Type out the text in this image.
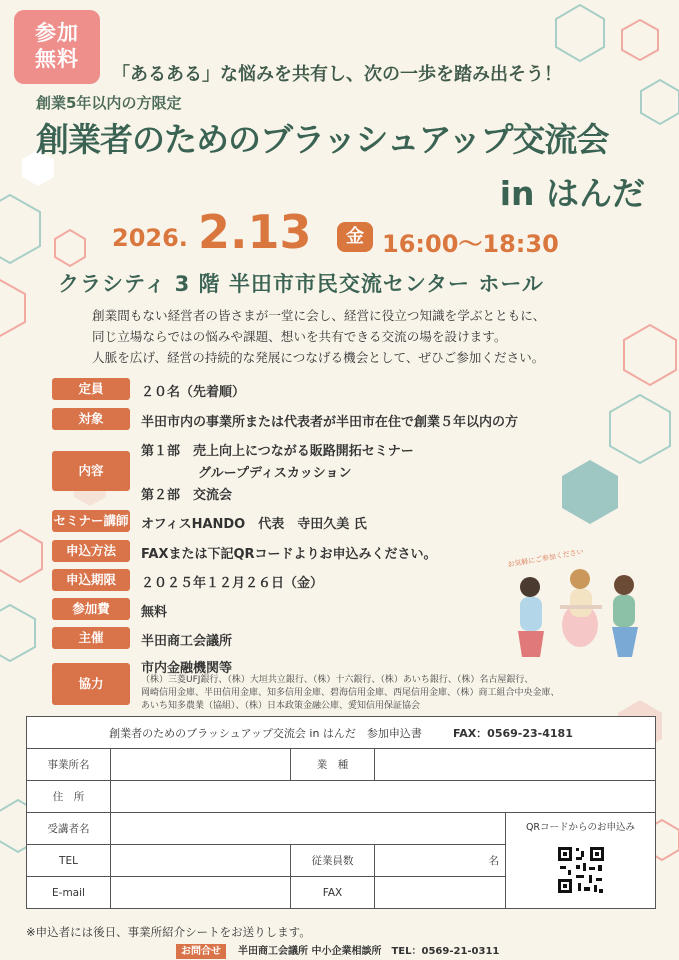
参加
無料
「あるある」な悩みを共有し、次の一歩を踏み出そう！
創業5年以内の方限定
創業者のためのブラッシュアップ交流会
in はんだ
2026. 2.13	金 16:00〜18:30
クラシティ 3 階 半田市市民交流センター ホール

創業間もない経営者の皆さまが一堂に会し、経営に役立つ知識を学ぶとともに、

同じ立場ならではの悩みや課題、想いを共有できる交流の場を設けます。

人脈を広げ、経営の持続的な発展につなげる機会として、ぜひご参加ください。

定員	２０名（先着順）
対象	半田市内の事業所または代表者が半田市在住で創業５年以内の方
内容
第１部　売上向上につながる販路開拓セミナー
グループディスカッション
第２部　交流会
セミナー講師 オフィスHANDO　代表　寺田久美 氏
申込方法	FAXまたは下記QRコードよりお申込みください。
申込期限	２０２５年１２月２６日（金）
参加費	無料
主催	半田商工会議所
協力
市内金融機関等
（株）三菱UFJ銀行、（株）大垣共立銀行、（株）十六銀行、（株）あいち銀行、（株）名古屋銀行、
岡崎信用金庫、半田信用金庫、知多信用金庫、碧海信用金庫、西尾信用金庫、（株）商工組合中央金庫、
あいち知多農業（協組）、（株）日本政策金融公庫、愛知信用保証協会
お気軽にご参加ください
創業者のためのブラッシュアップ交流会 in はんだ　参加申込書 FAX：0569-23-4181				
事業所名		業　種		
住　所				
受講者名				QRコードからのお申込み

TEL		従業員数	名	
E-mail		FAX		
※申込者には後日、事業所紹介シートをお送りします。
お問合せ 半田商工会議所 中小企業相談所　TEL：0569-21-0311
